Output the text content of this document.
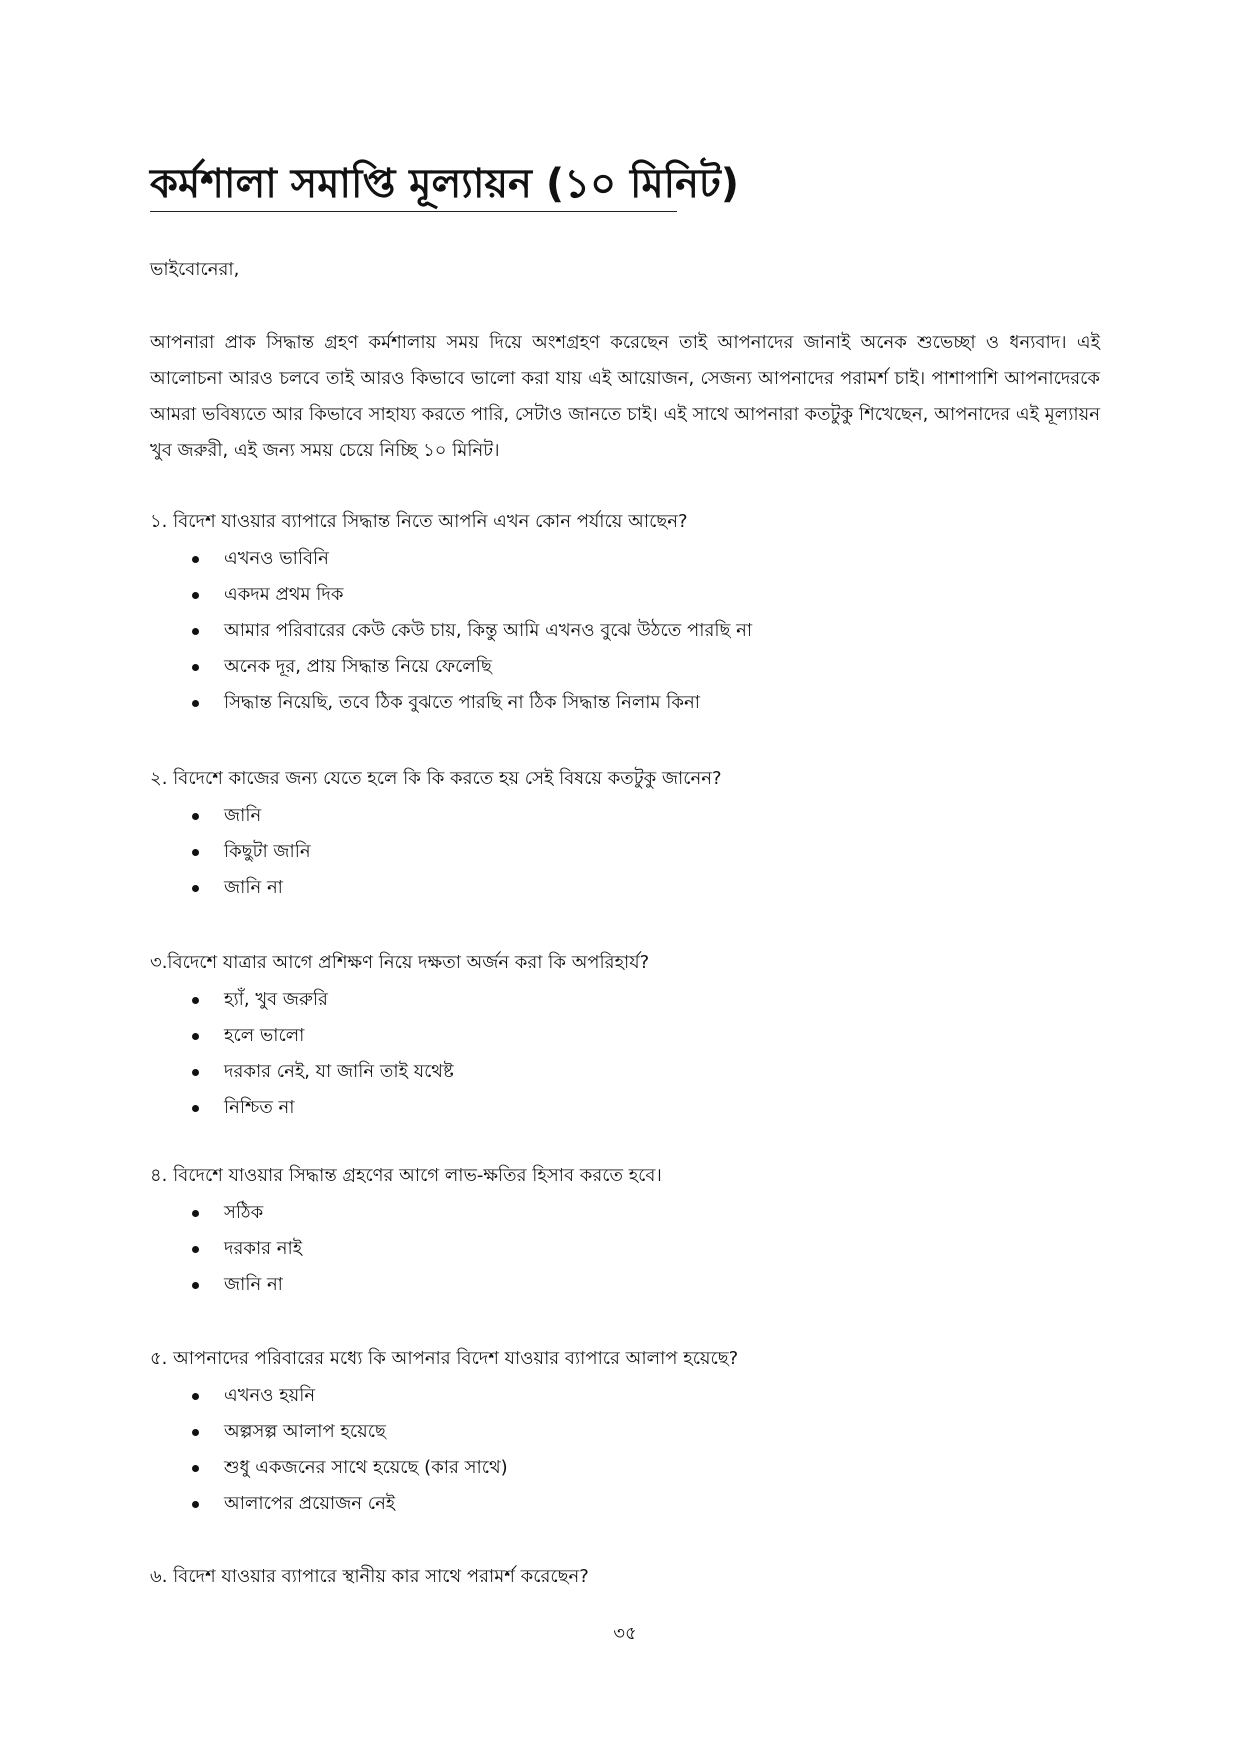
কর্মশালা সমাপ্তি মূল্যায়ন (১০ মিনিট)

ভাইবোনেরা,

আপনারা প্রাক সিদ্ধান্ত গ্রহণ কর্মশালায় সময় দিয়ে অংশগ্রহণ করেছেন তাই আপনাদের জানাই অনেক শুভেচ্ছা ও ধন্যবাদ। এই আলোচনা আরও চলবে তাই আরও কিভাবে ভালো করা যায় এই আয়োজন, সেজন্য আপনাদের পরামর্শ চাই। পাশাপাশি আপনাদেরকে আমরা ভবিষ্যতে আর কিভাবে সাহায্য করতে পারি, সেটাও জানতে চাই। এই সাথে আপনারা কতটুকু শিখেছেন, আপনাদের এই মূল্যায়ন খুব জরুরী, এই জন্য সময় চেয়ে নিচ্ছি ১০ মিনিট।

১. বিদেশ যাওয়ার ব্যাপারে সিদ্ধান্ত নিতে আপনি এখন কোন পর্যায়ে আছেন?

এখনও ভাবিনি
একদম প্রথম দিক
আমার পরিবারের কেউ কেউ চায়, কিন্তু আমি এখনও বুঝে উঠতে পারছি না
অনেক দূর, প্রায় সিদ্ধান্ত নিয়ে ফেলেছি
সিদ্ধান্ত নিয়েছি, তবে ঠিক বুঝতে পারছি না ঠিক সিদ্ধান্ত নিলাম কিনা

২. বিদেশে কাজের জন্য যেতে হলে কি কি করতে হয় সেই বিষয়ে কতটুকু জানেন?

জানি
কিছুটা জানি
জানি না

৩.বিদেশে যাত্রার আগে প্রশিক্ষণ নিয়ে দক্ষতা অর্জন করা কি অপরিহার্য?

হ্যাঁ, খুব জরুরি
হলে ভালো
দরকার নেই, যা জানি তাই যথেষ্ট
নিশ্চিত না

৪. বিদেশে যাওয়ার সিদ্ধান্ত গ্রহণের আগে লাভ-ক্ষতির হিসাব করতে হবে।

সঠিক
দরকার নাই
জানি না

৫. আপনাদের পরিবারের মধ্যে কি আপনার বিদেশ যাওয়ার ব্যাপারে আলাপ হয়েছে?

এখনও হয়নি
অল্পসল্প আলাপ হয়েছে
শুধু একজনের সাথে হয়েছে (কার সাথে)
আলাপের প্রয়োজন নেই

৬. বিদেশ যাওয়ার ব্যাপারে স্থানীয় কার সাথে পরামর্শ করেছেন?

৩৫
